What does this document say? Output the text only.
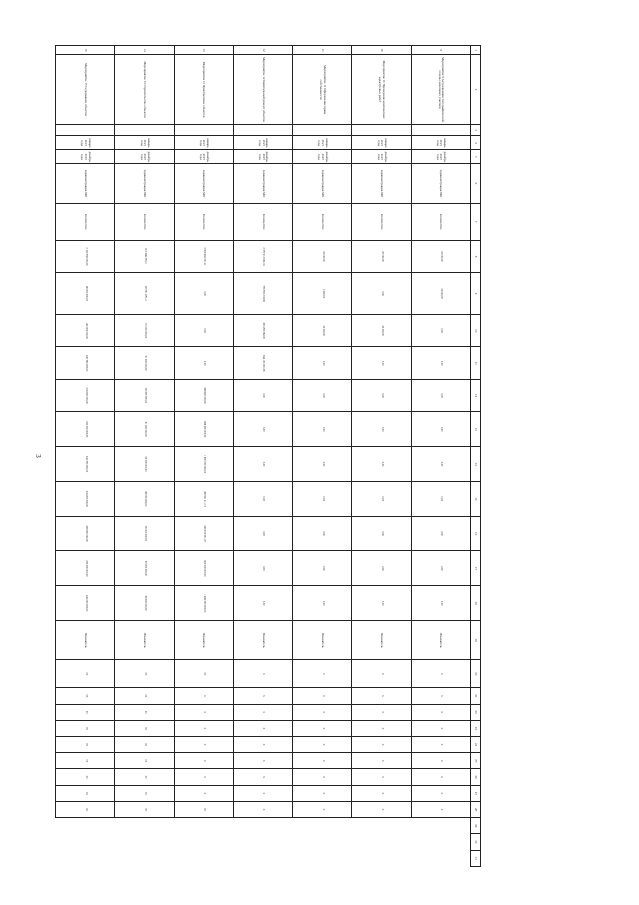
3
1	2	3	4	5	6	7	8	9	10	11	12	13	14	15	16	17	18	19	20	21	22	23	24	25	26	27	28	29	30	31
9	Мероприятие 9 Актуализация топографической основы земельных участков		январь 2021 года	декабрь 2025 года	Администрация МО	Количество	22 000,00	22 000,00	0,00	0,00	0,00	0,00	0,00	0,00	0,00	0,00	0,00	Показатель	X	X	X	X	X	X	X	X	X			
10	Мероприятие 10 Проведение комплексных кадастровых работ		январь 2021 года	декабрь 2025 года	Администрация МО	Количество	20 000,00	0,00	20 000,00	0,00	0,00	0,00	0,00	0,00	0,00	0,00	0,00	Показатель	X	X	X	X	X	X	X	X	X			
11	Мероприятие 11 Оформление права собственности		январь 2021 года	декабрь 2025 года	Администрация МО	Количество	25 000,00	5 000,00	20 000,00	0,00	0,00	0,00	0,00	0,00	0,00	0,00	0,00	Показатель	X	X	X	X	X	X	X	X	X			
12	Мероприятие 12 Капитальный ремонт объектов		январь 2021 года	декабрь 2025 года	Администрация МО	Количество	2 377 212 992,16	779 792 218,58	653 290 382,00	944 125 391,58	0,00	0,00	0,00	0,00	0,00	0,00	0,00	Показатель	X	X	X	X	X	X	X	X	X			
13	Мероприятие 13 Приобретение объектов		январь 2021 года	декабрь 2025 года	Администрация МО	Количество	3 906 663 331,21	0,00	0,00	0,00	948 600 000,00	998 400 000,00	1 900 000 000,00	189 591 211,13	249 919 901,25	600 000 000,00	1 469 350 000,00	Показатель	03	X	X	X	X	X	X	X	03			
14	Мероприятие 14 Строительство объектов		январь 2021 года	декабрь 2025 года	Администрация МО	Количество	815 966 279,11	87 791 279,11	91 000 000,00	91 000 000,00	87 475 000,00	91 200 000,00	90 000 000,00	98 000 000,00	95 000 000,00	92 000 000,00	96 000 000,00	Показатель	03	03	03	03	03	03	03	03	03			
15	Мероприятие 15 Содержание объектов		январь 2021 года	декабрь 2025 года	Администрация МО	Количество	2 160 765 000,00	89 000 000,00	140 000 000,00	240 765 000,00	218 000 000,00	222 700 000,00	242 700 000,00	218 000 000,00	208 000 000,00	232 000 000,00	242 000 000,00	Показатель	03	03	03	03	03	03	03	03	03			
